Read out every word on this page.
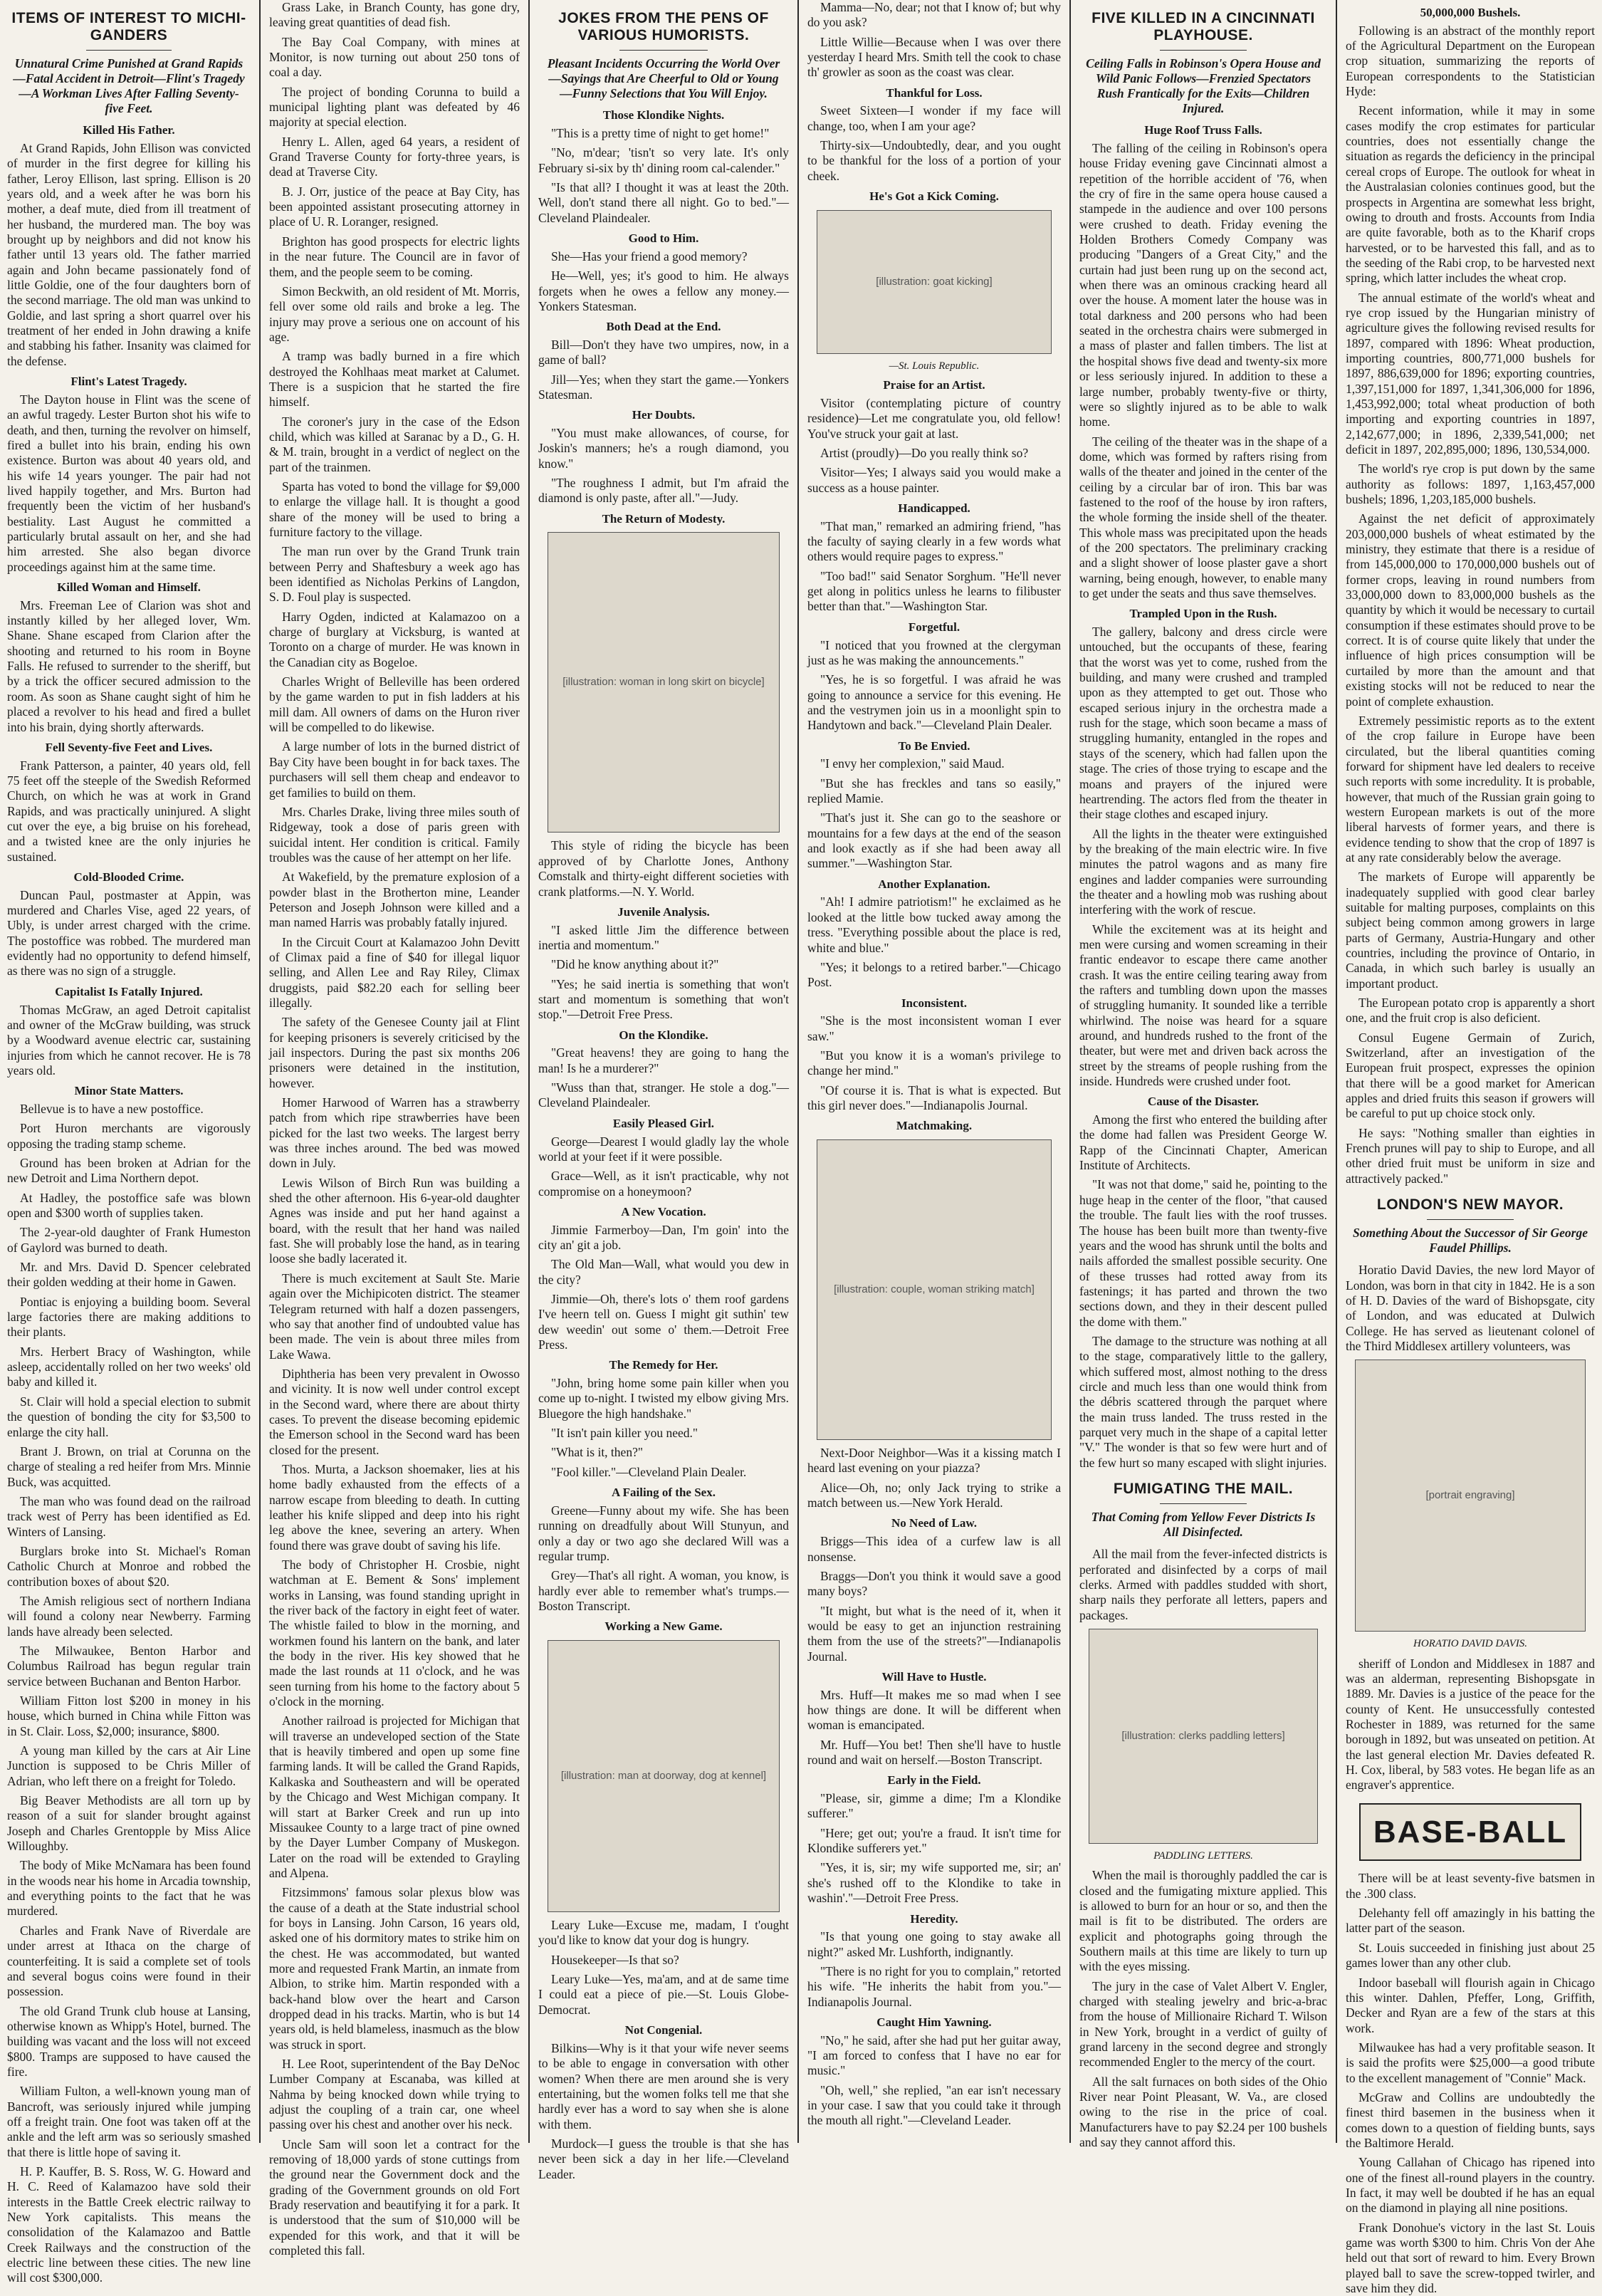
ITEMS OF INTEREST TO MICHI-GANDERS
Unnatural Crime Punished at Grand Rapids—Fatal Accident in Detroit—Flint's Tragedy—A Workman Lives After Falling Seventy-five Feet.
Killed His Father.

At Grand Rapids, John Ellison was convicted of murder in the first degree for killing his father, Leroy Ellison, last spring. Ellison is 20 years old, and a week after he was born his mother, a deaf mute, died from ill treatment of her husband, the murdered man. The boy was brought up by neighbors and did not know his father until 13 years old. The father married again and John became passionately fond of little Goldie, one of the four daughters born of the second marriage. The old man was unkind to Goldie, and last spring a short quarrel over his treatment of her ended in John drawing a knife and stabbing his father. Insanity was claimed for the defense.

Flint's Latest Tragedy.

The Dayton house in Flint was the scene of an awful tragedy. Lester Burton shot his wife to death, and then, turning the revolver on himself, fired a bullet into his brain, ending his own existence. Burton was about 40 years old, and his wife 14 years younger. The pair had not lived happily together, and Mrs. Burton had frequently been the victim of her husband's bestiality. Last August he committed a particularly brutal assault on her, and she had him arrested. She also began divorce proceedings against him at the same time.

Killed Woman and Himself.

Mrs. Freeman Lee of Clarion was shot and instantly killed by her alleged lover, Wm. Shane. Shane escaped from Clarion after the shooting and returned to his room in Boyne Falls. He refused to surrender to the sheriff, but by a trick the officer secured admission to the room. As soon as Shane caught sight of him he placed a revolver to his head and fired a bullet into his brain, dying shortly afterwards.

Fell Seventy-five Feet and Lives.

Frank Patterson, a painter, 40 years old, fell 75 feet off the steeple of the Swedish Reformed Church, on which he was at work in Grand Rapids, and was practically uninjured. A slight cut over the eye, a big bruise on his forehead, and a twisted knee are the only injuries he sustained.

Cold-Blooded Crime.

Duncan Paul, postmaster at Appin, was murdered and Charles Vise, aged 22 years, of Ubly, is under arrest charged with the crime. The postoffice was robbed. The murdered man evidently had no opportunity to defend himself, as there was no sign of a struggle.

Capitalist Is Fatally Injured.

Thomas McGraw, an aged Detroit capitalist and owner of the McGraw building, was struck by a Woodward avenue electric car, sustaining injuries from which he cannot recover. He is 78 years old.

Minor State Matters.

Bellevue is to have a new postoffice.

Port Huron merchants are vigorously opposing the trading stamp scheme.

Ground has been broken at Adrian for the new Detroit and Lima Northern depot.

At Hadley, the postoffice safe was blown open and $300 worth of supplies taken.

The 2-year-old daughter of Frank Humeston of Gaylord was burned to death.

Mr. and Mrs. David D. Spencer celebrated their golden wedding at their home in Gawen.

Pontiac is enjoying a building boom. Several large factories there are making additions to their plants.

Mrs. Herbert Bracy of Washington, while asleep, accidentally rolled on her two weeks' old baby and killed it.

St. Clair will hold a special election to submit the question of bonding the city for $3,500 to enlarge the city hall.

Brant J. Brown, on trial at Corunna on the charge of stealing a red heifer from Mrs. Minnie Buck, was acquitted.

The man who was found dead on the railroad track west of Perry has been identified as Ed. Winters of Lansing.

Burglars broke into St. Michael's Roman Catholic Church at Monroe and robbed the contribution boxes of about $20.

The Amish religious sect of northern Indiana will found a colony near Newberry. Farming lands have already been selected.

The Milwaukee, Benton Harbor and Columbus Railroad has begun regular train service between Buchanan and Benton Harbor.

William Fitton lost $200 in money in his house, which burned in China while Fitton was in St. Clair. Loss, $2,000; insurance, $800.

A young man killed by the cars at Air Line Junction is supposed to be Chris Miller of Adrian, who left there on a freight for Toledo.

Big Beaver Methodists are all torn up by reason of a suit for slander brought against Joseph and Charles Grentopple by Miss Alice Willoughby.

The body of Mike McNamara has been found in the woods near his home in Arcadia township, and everything points to the fact that he was murdered.

Charles and Frank Nave of Riverdale are under arrest at Ithaca on the charge of counterfeiting. It is said a complete set of tools and several bogus coins were found in their possession.

The old Grand Trunk club house at Lansing, otherwise known as Whipp's Hotel, burned. The building was vacant and the loss will not exceed $800. Tramps are supposed to have caused the fire.

William Fulton, a well-known young man of Bancroft, was seriously injured while jumping off a freight train. One foot was taken off at the ankle and the left arm was so seriously smashed that there is little hope of saving it.

H. P. Kauffer, B. S. Ross, W. G. Howard and H. C. Reed of Kalamazoo have sold their interests in the Battle Creek electric railway to New York capitalists. This means the consolidation of the Kalamazoo and Battle Creek Railways and the construction of the electric line between these cities. The new line will cost $300,000.

Grass Lake, in Branch County, has gone dry, leaving great quantities of dead fish.

The Bay Coal Company, with mines at Monitor, is now turning out about 250 tons of coal a day.

The project of bonding Corunna to build a municipal lighting plant was defeated by 46 majority at special election.

Henry L. Allen, aged 64 years, a resident of Grand Traverse County for forty-three years, is dead at Traverse City.

B. J. Orr, justice of the peace at Bay City, has been appointed assistant prosecuting attorney in place of U. R. Loranger, resigned.

Brighton has good prospects for electric lights in the near future. The Council are in favor of them, and the people seem to be coming.

Simon Beckwith, an old resident of Mt. Morris, fell over some old rails and broke a leg. The injury may prove a serious one on account of his age.

A tramp was badly burned in a fire which destroyed the Kohlhaas meat market at Calumet. There is a suspicion that he started the fire himself.

The coroner's jury in the case of the Edson child, which was killed at Saranac by a D., G. H. & M. train, brought in a verdict of neglect on the part of the trainmen.

Sparta has voted to bond the village for $9,000 to enlarge the village hall. It is thought a good share of the money will be used to bring a furniture factory to the village.

The man run over by the Grand Trunk train between Perry and Shaftesbury a week ago has been identified as Nicholas Perkins of Langdon, S. D. Foul play is suspected.

Harry Ogden, indicted at Kalamazoo on a charge of burglary at Vicksburg, is wanted at Toronto on a charge of murder. He was known in the Canadian city as Bogeloe.

Charles Wright of Belleville has been ordered by the game warden to put in fish ladders at his mill dam. All owners of dams on the Huron river will be compelled to do likewise.

A large number of lots in the burned district of Bay City have been bought in for back taxes. The purchasers will sell them cheap and endeavor to get families to build on them.

Mrs. Charles Drake, living three miles south of Ridgeway, took a dose of paris green with suicidal intent. Her condition is critical. Family troubles was the cause of her attempt on her life.

At Wakefield, by the premature explosion of a powder blast in the Brotherton mine, Leander Peterson and Joseph Johnson were killed and a man named Harris was probably fatally injured.

In the Circuit Court at Kalamazoo John Devitt of Climax paid a fine of $40 for illegal liquor selling, and Allen Lee and Ray Riley, Climax druggists, paid $82.20 each for selling beer illegally.

The safety of the Genesee County jail at Flint for keeping prisoners is severely criticised by the jail inspectors. During the past six months 206 prisoners were detained in the institution, however.

Homer Harwood of Warren has a strawberry patch from which ripe strawberries have been picked for the last two weeks. The largest berry was three inches around. The bed was mowed down in July.

Lewis Wilson of Birch Run was building a shed the other afternoon. His 6-year-old daughter Agnes was inside and put her hand against a board, with the result that her hand was nailed fast. She will probably lose the hand, as in tearing loose she badly lacerated it.

There is much excitement at Sault Ste. Marie again over the Michipicoten district. The steamer Telegram returned with half a dozen passengers, who say that another find of undoubted value has been made. The vein is about three miles from Lake Wawa.

Diphtheria has been very prevalent in Owosso and vicinity. It is now well under control except in the Second ward, where there are about thirty cases. To prevent the disease becoming epidemic the Emerson school in the Second ward has been closed for the present.

Thos. Murta, a Jackson shoemaker, lies at his home badly exhausted from the effects of a narrow escape from bleeding to death. In cutting leather his knife slipped and deep into his right leg above the knee, severing an artery. When found there was grave doubt of saving his life.

The body of Christopher H. Crosbie, night watchman at E. Bement & Sons' implement works in Lansing, was found standing upright in the river back of the factory in eight feet of water. The whistle failed to blow in the morning, and workmen found his lantern on the bank, and later the body in the river. His key showed that he made the last rounds at 11 o'clock, and he was seen turning from his home to the factory about 5 o'clock in the morning.

Another railroad is projected for Michigan that will traverse an undeveloped section of the State that is heavily timbered and open up some fine farming lands. It will be called the Grand Rapids, Kalkaska and Southeastern and will be operated by the Chicago and West Michigan company. It will start at Barker Creek and run up into Missaukee County to a large tract of pine owned by the Dayer Lumber Company of Muskegon. Later on the road will be extended to Grayling and Alpena.

Fitzsimmons' famous solar plexus blow was the cause of a death at the State industrial school for boys in Lansing. John Carson, 16 years old, asked one of his dormitory mates to strike him on the chest. He was accommodated, but wanted more and requested Frank Martin, an inmate from Albion, to strike him. Martin responded with a back-hand blow over the heart and Carson dropped dead in his tracks. Martin, who is but 14 years old, is held blameless, inasmuch as the blow was struck in sport.

H. Lee Root, superintendent of the Bay DeNoc Lumber Company at Escanaba, was killed at Nahma by being knocked down while trying to adjust the coupling of a train car, one wheel passing over his chest and another over his neck.

Uncle Sam will soon let a contract for the removing of 18,000 yards of stone cuttings from the ground near the Government dock and the grading of the Government grounds on old Fort Brady reservation and beautifying it for a park. It is understood that the sum of $10,000 will be expended for this work, and that it will be completed this fall.

JOKES FROM THE PENS OF VARIOUS HUMORISTS.
Pleasant Incidents Occurring the World Over—Sayings that Are Cheerful to Old or Young—Funny Selections that You Will Enjoy.
Those Klondike Nights.

"This is a pretty time of night to get home!"

"No, m'dear; 'tisn't so very late. It's only February si-six by th' dining room cal-calender."

"Is that all? I thought it was at least the 20th. Well, don't stand there all night. Go to bed."—Cleveland Plaindealer.

Good to Him.

She—Has your friend a good memory?

He—Well, yes; it's good to him. He always forgets when he owes a fellow any money.—Yonkers Statesman.

Both Dead at the End.

Bill—Don't they have two umpires, now, in a game of ball?

Jill—Yes; when they start the game.—Yonkers Statesman.

Her Doubts.

"You must make allowances, of course, for Joskin's manners; he's a rough diamond, you know."

"The roughness I admit, but I'm afraid the diamond is only paste, after all."—Judy.

The Return of Modesty.
[illustration: woman in long skirt on bicycle]

This style of riding the bicycle has been approved of by Charlotte Jones, Anthony Comstalk and thirty-eight different societies with crank platforms.—N. Y. World.

Juvenile Analysis.

"I asked little Jim the difference between inertia and momentum."

"Did he know anything about it?"

"Yes; he said inertia is something that won't start and momentum is something that won't stop."—Detroit Free Press.

On the Klondike.

"Great heavens! they are going to hang the man! Is he a murderer?"

"Wuss than that, stranger. He stole a dog."—Cleveland Plaindealer.

Easily Pleased Girl.

George—Dearest I would gladly lay the whole world at your feet if it were possible.

Grace—Well, as it isn't practicable, why not compromise on a honeymoon?

A New Vocation.

Jimmie Farmerboy—Dan, I'm goin' into the city an' git a job.

The Old Man—Wall, what would you dew in the city?

Jimmie—Oh, there's lots o' them roof gardens I've heern tell on. Guess I might git suthin' tew dew weedin' out some o' them.—Detroit Free Press.

The Remedy for Her.

"John, bring home some pain killer when you come up to-night. I twisted my elbow giving Mrs. Bluegore the high handshake."

"It isn't pain killer you need."

"What is it, then?"

"Fool killer."—Cleveland Plain Dealer.

A Failing of the Sex.

Greene—Funny about my wife. She has been running on dreadfully about Will Stunyun, and only a day or two ago she declared Will was a regular trump.

Grey—That's all right. A woman, you know, is hardly ever able to remember what's trumps.—Boston Transcript.

Working a New Game.
[illustration: man at doorway, dog at kennel]

Leary Luke—Excuse me, madam, I t'ought you'd like to know dat your dog is hungry.

Housekeeper—Is that so?

Leary Luke—Yes, ma'am, and at de same time I could eat a piece of pie.—St. Louis Globe-Democrat.

Not Congenial.

Bilkins—Why is it that your wife never seems to be able to engage in conversation with other women? When there are men around she is very entertaining, but the women folks tell me that she hardly ever has a word to say when she is alone with them.

Murdock—I guess the trouble is that she has never been sick a day in her life.—Cleveland Leader.

Mamma—No, dear; not that I know of; but why do you ask?

Little Willie—Because when I was over there yesterday I heard Mrs. Smith tell the cook to chase th' growler as soon as the coast was clear.

Thankful for Loss.

Sweet Sixteen—I wonder if my face will change, too, when I am your age?

Thirty-six—Undoubtedly, dear, and you ought to be thankful for the loss of a portion of your cheek.

He's Got a Kick Coming.
[illustration: goat kicking]
—St. Louis Republic.
Praise for an Artist.

Visitor (contemplating picture of country residence)—Let me congratulate you, old fellow! You've struck your gait at last.

Artist (proudly)—Do you really think so?

Visitor—Yes; I always said you would make a success as a house painter.

Handicapped.

"That man," remarked an admiring friend, "has the faculty of saying clearly in a few words what others would require pages to express."

"Too bad!" said Senator Sorghum. "He'll never get along in politics unless he learns to filibuster better than that."—Washington Star.

Forgetful.

"I noticed that you frowned at the clergyman just as he was making the announcements."

"Yes, he is so forgetful. I was afraid he was going to announce a service for this evening. He and the vestrymen join us in a moonlight spin to Handytown and back."—Cleveland Plain Dealer.

To Be Envied.

"I envy her complexion," said Maud.

"But she has freckles and tans so easily," replied Mamie.

"That's just it. She can go to the seashore or mountains for a few days at the end of the season and look exactly as if she had been away all summer."—Washington Star.

Another Explanation.

"Ah! I admire patriotism!" he exclaimed as he looked at the little bow tucked away among the tress. "Everything possible about the place is red, white and blue."

"Yes; it belongs to a retired barber."—Chicago Post.

Inconsistent.

"She is the most inconsistent woman I ever saw."

"But you know it is a woman's privilege to change her mind."

"Of course it is. That is what is expected. But this girl never does."—Indianapolis Journal.

Matchmaking.
[illustration: couple, woman striking match]

Next-Door Neighbor—Was it a kissing match I heard last evening on your piazza?

Alice—Oh, no; only Jack trying to strike a match between us.—New York Herald.

No Need of Law.

Briggs—This idea of a curfew law is all nonsense.

Braggs—Don't you think it would save a good many boys?

"It might, but what is the need of it, when it would be easy to get an injunction restraining them from the use of the streets?"—Indianapolis Journal.

Will Have to Hustle.

Mrs. Huff—It makes me so mad when I see how things are done. It will be different when woman is emancipated.

Mr. Huff—You bet! Then she'll have to hustle round and wait on herself.—Boston Transcript.

Early in the Field.

"Please, sir, gimme a dime; I'm a Klondike sufferer."

"Here; get out; you're a fraud. It isn't time for Klondike sufferers yet."

"Yes, it is, sir; my wife supported me, sir; an' she's rushed off to the Klondike to take in washin'."—Detroit Free Press.

Heredity.

"Is that young one going to stay awake all night?" asked Mr. Lushforth, indignantly.

"There is no right for you to complain," retorted his wife. "He inherits the habit from you."—Indianapolis Journal.

Caught Him Yawning.

"No," he said, after she had put her guitar away, "I am forced to confess that I have no ear for music."

"Oh, well," she replied, "an ear isn't necessary in your case. I saw that you could take it through the mouth all right."—Cleveland Leader.

FIVE KILLED IN A CINCINNATI PLAYHOUSE.
Ceiling Falls in Robinson's Opera House and Wild Panic Follows—Frenzied Spectators Rush Frantically for the Exits—Children Injured.
Huge Roof Truss Falls.

The falling of the ceiling in Robinson's opera house Friday evening gave Cincinnati almost a repetition of the horrible accident of '76, when the cry of fire in the same opera house caused a stampede in the audience and over 100 persons were crushed to death. Friday evening the Holden Brothers Comedy Company was producing "Dangers of a Great City," and the curtain had just been rung up on the second act, when there was an ominous cracking heard all over the house. A moment later the house was in total darkness and 200 persons who had been seated in the orchestra chairs were submerged in a mass of plaster and fallen timbers. The list at the hospital shows five dead and twenty-six more or less seriously injured. In addition to these a large number, probably twenty-five or thirty, were so slightly injured as to be able to walk home.

The ceiling of the theater was in the shape of a dome, which was formed by rafters rising from walls of the theater and joined in the center of the ceiling by a circular bar of iron. This bar was fastened to the roof of the house by iron rafters, the whole forming the inside shell of the theater. This whole mass was precipitated upon the heads of the 200 spectators. The preliminary cracking and a slight shower of loose plaster gave a short warning, being enough, however, to enable many to get under the seats and thus save themselves.

Trampled Upon in the Rush.

The gallery, balcony and dress circle were untouched, but the occupants of these, fearing that the worst was yet to come, rushed from the building, and many were crushed and trampled upon as they attempted to get out. Those who escaped serious injury in the orchestra made a rush for the stage, which soon became a mass of struggling humanity, entangled in the ropes and stays of the scenery, which had fallen upon the stage. The cries of those trying to escape and the moans and prayers of the injured were heartrending. The actors fled from the theater in their stage clothes and escaped injury.

All the lights in the theater were extinguished by the breaking of the main electric wire. In five minutes the patrol wagons and as many fire engines and ladder companies were surrounding the theater and a howling mob was rushing about interfering with the work of rescue.

While the excitement was at its height and men were cursing and women screaming in their frantic endeavor to escape there came another crash. It was the entire ceiling tearing away from the rafters and tumbling down upon the masses of struggling humanity. It sounded like a terrible whirlwind. The noise was heard for a square around, and hundreds rushed to the front of the theater, but were met and driven back across the street by the streams of people rushing from the inside. Hundreds were crushed under foot.

Cause of the Disaster.

Among the first who entered the building after the dome had fallen was President George W. Rapp of the Cincinnati Chapter, American Institute of Architects.

"It was not that dome," said he, pointing to the huge heap in the center of the floor, "that caused the trouble. The fault lies with the roof trusses. The house has been built more than twenty-five years and the wood has shrunk until the bolts and nails afforded the smallest possible security. One of these trusses had rotted away from its fastenings; it has parted and thrown the two sections down, and they in their descent pulled the dome with them."

The damage to the structure was nothing at all to the stage, comparatively little to the gallery, which suffered most, almost nothing to the dress circle and much less than one would think from the débris scattered through the parquet where the main truss landed. The truss rested in the parquet very much in the shape of a capital letter "V." The wonder is that so few were hurt and of the few hurt so many escaped with slight injuries.

FUMIGATING THE MAIL.
That Coming from Yellow Fever Districts Is All Disinfected.

All the mail from the fever-infected districts is perforated and disinfected by a corps of mail clerks. Armed with paddles studded with short, sharp nails they perforate all letters, papers and packages.

[illustration: clerks paddling letters]
PADDLING LETTERS.

When the mail is thoroughly paddled the car is closed and the fumigating mixture applied. This is allowed to burn for an hour or so, and then the mail is fit to be distributed. The orders are explicit and photographs going through the Southern mails at this time are likely to turn up with the eyes missing.

The jury in the case of Valet Albert V. Engler, charged with stealing jewelry and bric-a-brac from the house of Millionaire Richard T. Wilson in New York, brought in a verdict of guilty of grand larceny in the second degree and strongly recommended Engler to the mercy of the court.

All the salt furnaces on both sides of the Ohio River near Point Pleasant, W. Va., are closed owing to the rise in the price of coal. Manufacturers have to pay $2.24 per 100 bushels and say they cannot afford this.

50,000,000 Bushels.

Following is an abstract of the monthly report of the Agricultural Department on the European crop situation, summarizing the reports of European correspondents to the Statistician Hyde:

Recent information, while it may in some cases modify the crop estimates for particular countries, does not essentially change the situation as regards the deficiency in the principal cereal crops of Europe. The outlook for wheat in the Australasian colonies continues good, but the prospects in Argentina are somewhat less bright, owing to drouth and frosts. Accounts from India are quite favorable, both as to the Kharif crops harvested, or to be harvested this fall, and as to the seeding of the Rabi crop, to be harvested next spring, which latter includes the wheat crop.

The annual estimate of the world's wheat and rye crop issued by the Hungarian ministry of agriculture gives the following revised results for 1897, compared with 1896: Wheat production, importing countries, 800,771,000 bushels for 1897, 886,639,000 for 1896; exporting countries, 1,397,151,000 for 1897, 1,341,306,000 for 1896, 1,453,992,000; total wheat production of both importing and exporting countries in 1897, 2,142,677,000; in 1896, 2,339,541,000; net deficit in 1897, 202,895,000; 1896, 130,534,000.

The world's rye crop is put down by the same authority as follows: 1897, 1,163,457,000 bushels; 1896, 1,203,185,000 bushels.

Against the net deficit of approximately 203,000,000 bushels of wheat estimated by the ministry, they estimate that there is a residue of from 145,000,000 to 170,000,000 bushels out of former crops, leaving in round numbers from 33,000,000 down to 83,000,000 bushels as the quantity by which it would be necessary to curtail consumption if these estimates should prove to be correct. It is of course quite likely that under the influence of high prices consumption will be curtailed by more than the amount and that existing stocks will not be reduced to near the point of complete exhaustion.

Extremely pessimistic reports as to the extent of the crop failure in Europe have been circulated, but the liberal quantities coming forward for shipment have led dealers to receive such reports with some incredulity. It is probable, however, that much of the Russian grain going to western European markets is out of the more liberal harvests of former years, and there is evidence tending to show that the crop of 1897 is at any rate considerably below the average.

The markets of Europe will apparently be inadequately supplied with good clear barley suitable for malting purposes, complaints on this subject being common among growers in large parts of Germany, Austria-Hungary and other countries, including the province of Ontario, in Canada, in which such barley is usually an important product.

The European potato crop is apparently a short one, and the fruit crop is also deficient.

Consul Eugene Germain of Zurich, Switzerland, after an investigation of the European fruit prospect, expresses the opinion that there will be a good market for American apples and dried fruits this season if growers will be careful to put up choice stock only.

He says: "Nothing smaller than eighties in French prunes will pay to ship to Europe, and all other dried fruit must be uniform in size and attractively packed."

LONDON'S NEW MAYOR.
Something About the Successor of Sir George Faudel Phillips.

Horatio David Davies, the new lord Mayor of London, was born in that city in 1842. He is a son of H. D. Davies of the ward of Bishopsgate, city of London, and was educated at Dulwich College. He has served as lieutenant colonel of the Third Middlesex artillery volunteers, was

[portrait engraving]
HORATIO DAVID DAVIS.

sheriff of London and Middlesex in 1887 and was an alderman, representing Bishopsgate in 1889. Mr. Davies is a justice of the peace for the county of Kent. He unsuccessfully contested Rochester in 1889, was returned for the same borough in 1892, but was unseated on petition. At the last general election Mr. Davies defeated R. H. Cox, liberal, by 583 votes. He began life as an engraver's apprentice.

BASE-BALL

There will be at least seventy-five batsmen in the .300 class.

Delehanty fell off amazingly in his batting the latter part of the season.

St. Louis succeeded in finishing just about 25 games lower than any other club.

Indoor baseball will flourish again in Chicago this winter. Dahlen, Pfeffer, Long, Griffith, Decker and Ryan are a few of the stars at this work.

Milwaukee has had a very profitable season. It is said the profits were $25,000—a good tribute to the excellent management of "Connie" Mack.

McGraw and Collins are undoubtedly the finest third basemen in the business when it comes down to a question of fielding bunts, says the Baltimore Herald.

Young Callahan of Chicago has ripened into one of the finest all-round players in the country. In fact, it may well be doubted if he has an equal on the diamond in playing all nine positions.

Frank Donohue's victory in the last St. Louis game was worth $300 to him. Chris Von der Ahe held out that sort of reward to him. Every Brown played ball to save the screw-topped twirler, and save him they did.
